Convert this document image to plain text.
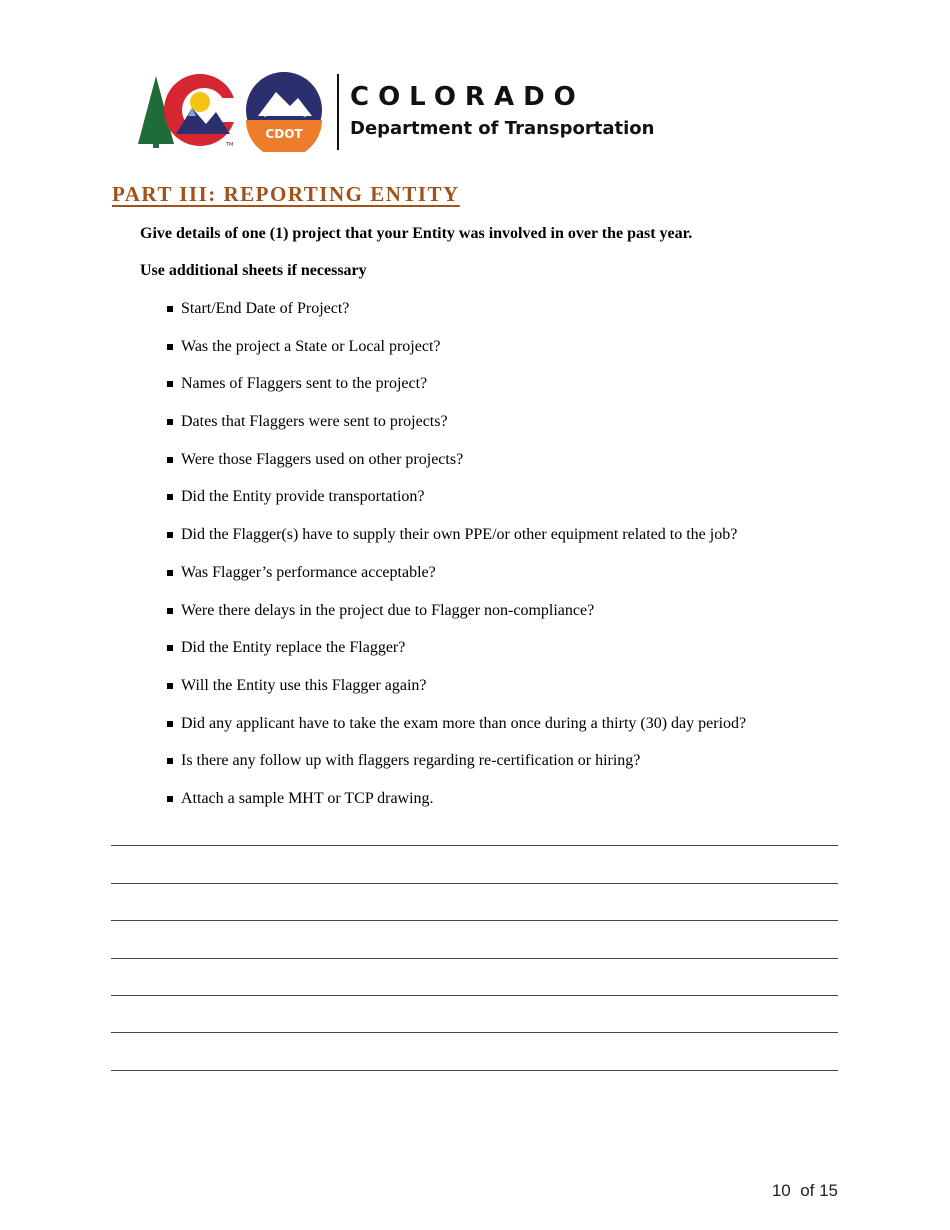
CDOT
TM
COLORADO
Department of Transportation
PART III: REPORTING ENTITY
Give details of one (1) project that your Entity was involved in over the past year.
Use additional sheets if necessary
Start/End Date of Project?
Was the project a State or Local project?
Names of Flaggers sent to the project?
Dates that Flaggers were sent to projects?
Were those Flaggers used on other projects?
Did the Entity provide transportation?
Did the Flagger(s) have to supply their own PPE/or other equipment related to the job?
Was Flagger’s performance acceptable?
Were there delays in the project due to Flagger non-compliance?
Did the Entity replace the Flagger?
Will the Entity use this Flagger again?
Did any applicant have to take the exam more than once during a thirty (30) day period?
Is there any follow up with flaggers regarding re-certification or hiring?
Attach a sample MHT or TCP drawing.
10 of 15
